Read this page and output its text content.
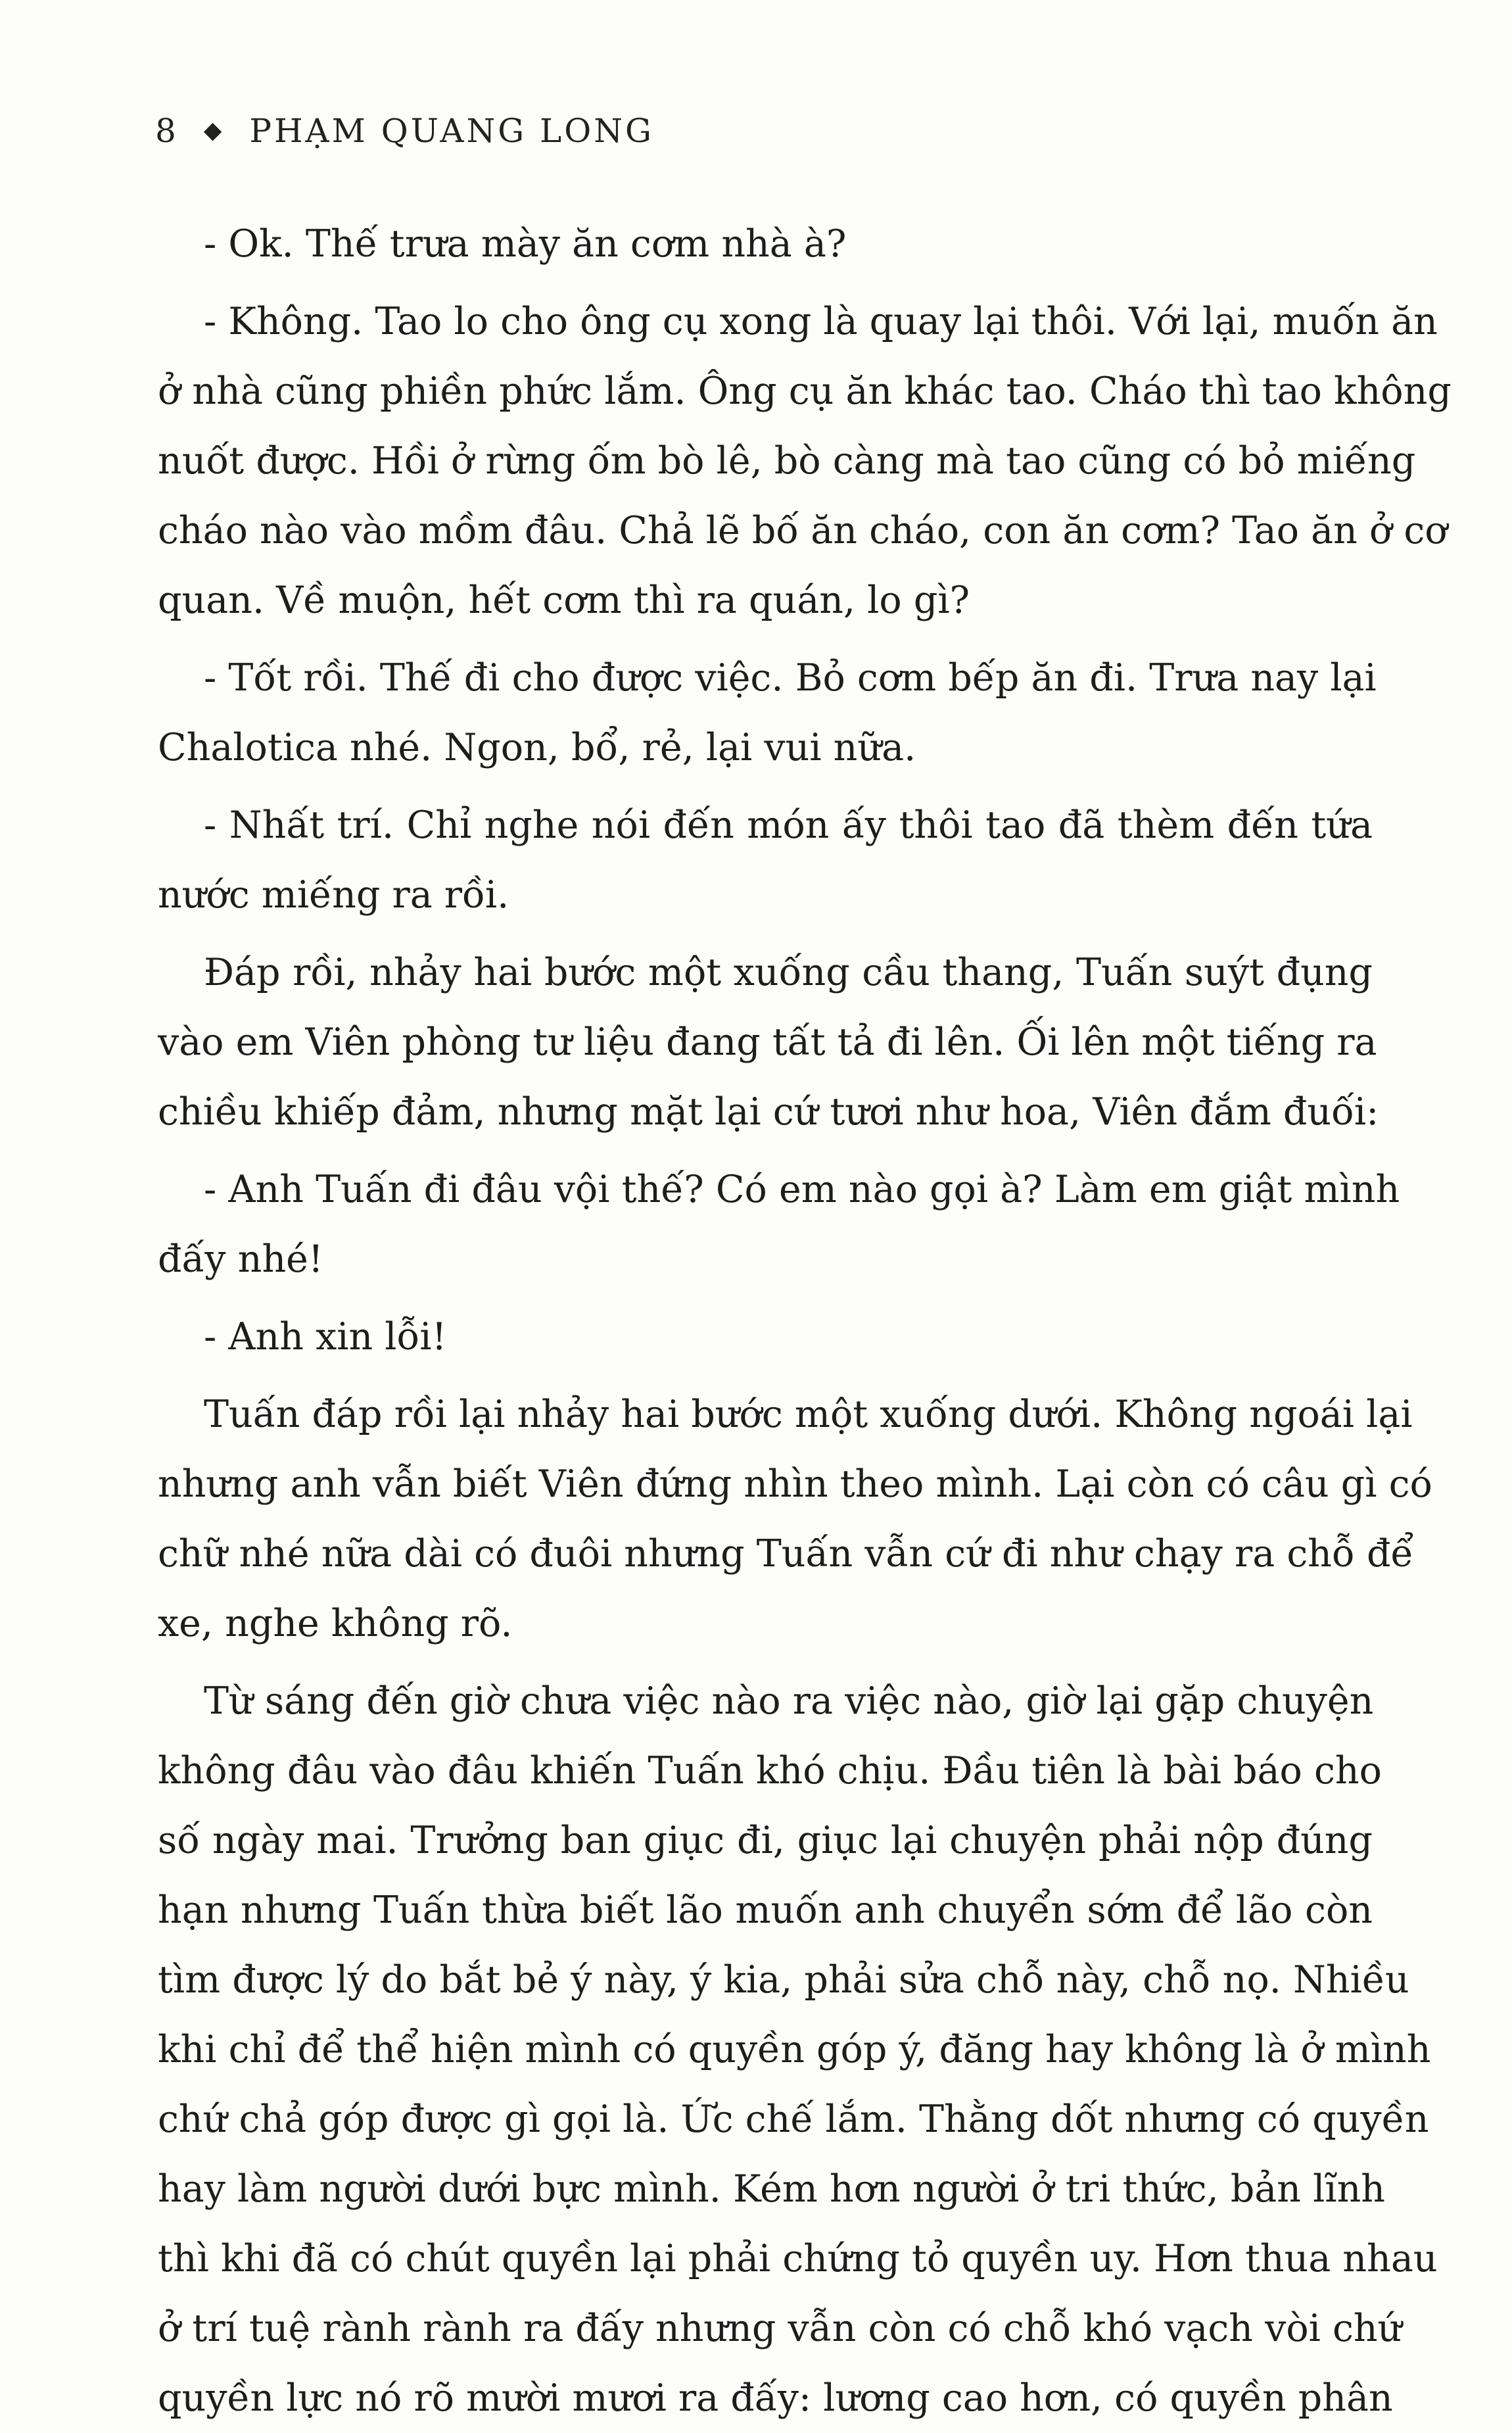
8 ◆ PHẠM QUANG LONG
- Ok. Thế trưa mày ăn cơm nhà à?
- Không. Tao lo cho ông cụ xong là quay lại thôi. Với lại, muốn ăn
ở nhà cũng phiền phức lắm. Ông cụ ăn khác tao. Cháo thì tao không
nuốt được. Hồi ở rừng ốm bò lê, bò càng mà tao cũng có bỏ miếng
cháo nào vào mồm đâu. Chả lẽ bố ăn cháo, con ăn cơm? Tao ăn ở cơ
quan. Về muộn, hết cơm thì ra quán, lo gì?
- Tốt rồi. Thế đi cho được việc. Bỏ cơm bếp ăn đi. Trưa nay lại
Chalotica nhé. Ngon, bổ, rẻ, lại vui nữa.
- Nhất trí. Chỉ nghe nói đến món ấy thôi tao đã thèm đến tứa
nước miếng ra rồi.
Đáp rồi, nhảy hai bước một xuống cầu thang, Tuấn suýt đụng
vào em Viên phòng tư liệu đang tất tả đi lên. Ối lên một tiếng ra
chiều khiếp đảm, nhưng mặt lại cứ tươi như hoa, Viên đắm đuối:
- Anh Tuấn đi đâu vội thế? Có em nào gọi à? Làm em giật mình
đấy nhé!
- Anh xin lỗi!
Tuấn đáp rồi lại nhảy hai bước một xuống dưới. Không ngoái lại
nhưng anh vẫn biết Viên đứng nhìn theo mình. Lại còn có câu gì có
chữ nhé nữa dài có đuôi nhưng Tuấn vẫn cứ đi như chạy ra chỗ để
xe, nghe không rõ.
Từ sáng đến giờ chưa việc nào ra việc nào, giờ lại gặp chuyện
không đâu vào đâu khiến Tuấn khó chịu. Đầu tiên là bài báo cho
số ngày mai. Trưởng ban giục đi, giục lại chuyện phải nộp đúng
hạn nhưng Tuấn thừa biết lão muốn anh chuyển sớm để lão còn
tìm được lý do bắt bẻ ý này, ý kia, phải sửa chỗ này, chỗ nọ. Nhiều
khi chỉ để thể hiện mình có quyền góp ý, đăng hay không là ở mình
chứ chả góp được gì gọi là. Ức chế lắm. Thằng dốt nhưng có quyền
hay làm người dưới bực mình. Kém hơn người ở tri thức, bản lĩnh
thì khi đã có chút quyền lại phải chứng tỏ quyền uy. Hơn thua nhau
ở trí tuệ rành rành ra đấy nhưng vẫn còn có chỗ khó vạch vòi chứ
quyền lực nó rõ mười mươi ra đấy: lương cao hơn, có quyền phân
